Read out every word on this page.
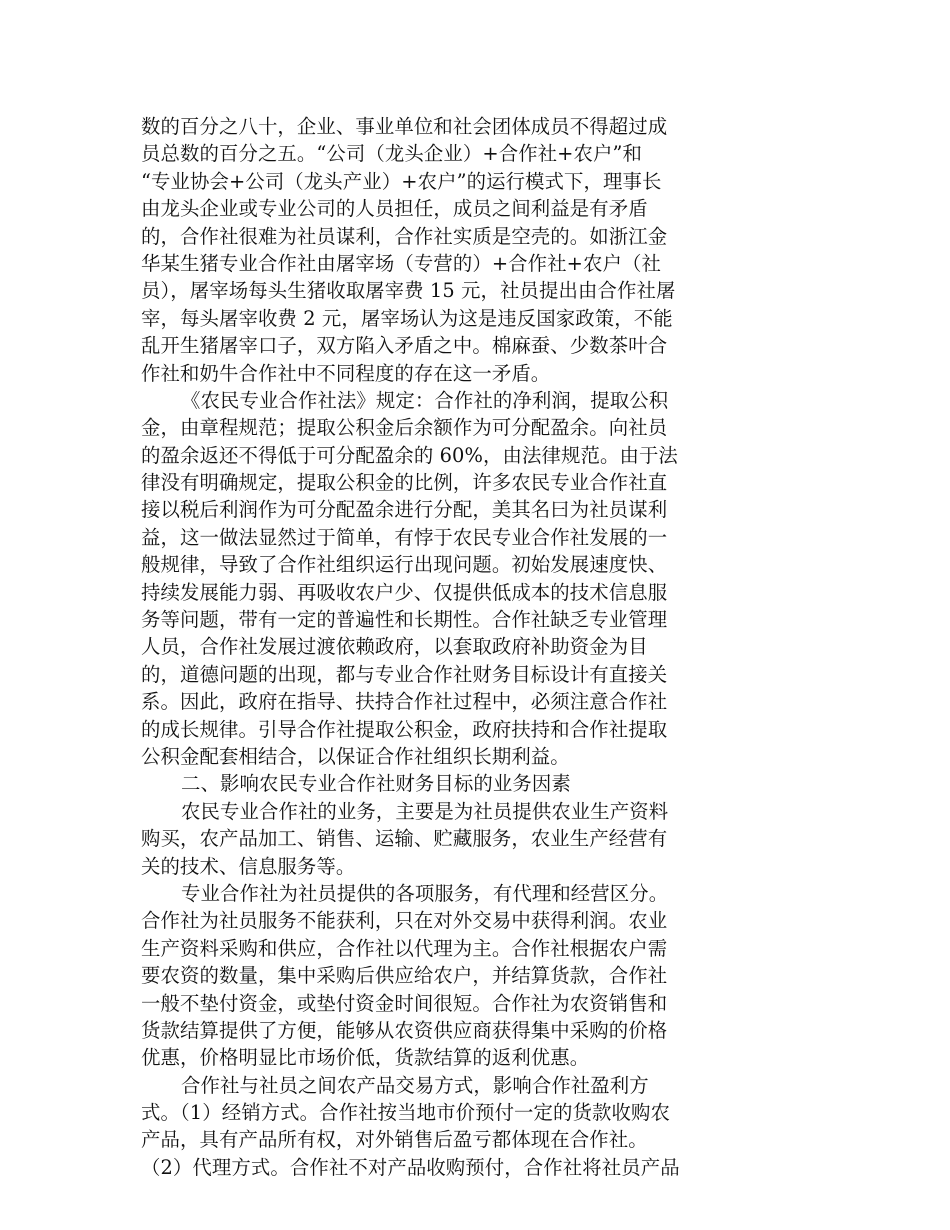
数的百分之八十，企业、事业单位和社会团体成员不得超过成
员总数的百分之五。“公司（龙头企业）+合作社+农户”和
“专业协会+公司（龙头产业）+农户”的运行模式下，理事长
由龙头企业或专业公司的人员担任，成员之间利益是有矛盾
的，合作社很难为社员谋利，合作社实质是空壳的。如浙江金
华某生猪专业合作社由屠宰场（专营的）+合作社+农户（社
员），屠宰场每头生猪收取屠宰费 15 元，社员提出由合作社屠
宰，每头屠宰收费 2 元，屠宰场认为这是违反国家政策，不能
乱开生猪屠宰口子，双方陷入矛盾之中。棉麻蚕、少数茶叶合
作社和奶牛合作社中不同程度的存在这一矛盾。
《农民专业合作社法》规定：合作社的净利润，提取公积
金，由章程规范；提取公积金后余额作为可分配盈余。向社员
的盈余返还不得低于可分配盈余的 60%，由法律规范。由于法
律没有明确规定，提取公积金的比例，许多农民专业合作社直
接以税后利润作为可分配盈余进行分配，美其名曰为社员谋利
益，这一做法显然过于简单，有悖于农民专业合作社发展的一
般规律，导致了合作社组织运行出现问题。初始发展速度快、
持续发展能力弱、再吸收农户少、仅提供低成本的技术信息服
务等问题，带有一定的普遍性和长期性。合作社缺乏专业管理
人员，合作社发展过渡依赖政府，以套取政府补助资金为目
的，道德问题的出现，都与专业合作社财务目标设计有直接关
系。因此，政府在指导、扶持合作社过程中，必须注意合作社
的成长规律。引导合作社提取公积金，政府扶持和合作社提取
公积金配套相结合，以保证合作社组织长期利益。
二、影响农民专业合作社财务目标的业务因素
农民专业合作社的业务，主要是为社员提供农业生产资料
购买，农产品加工、销售、运输、贮藏服务，农业生产经营有
关的技术、信息服务等。
专业合作社为社员提供的各项服务，有代理和经营区分。
合作社为社员服务不能获利，只在对外交易中获得利润。农业
生产资料采购和供应，合作社以代理为主。合作社根据农户需
要农资的数量，集中采购后供应给农户，并结算货款，合作社
一般不垫付资金，或垫付资金时间很短。合作社为农资销售和
货款结算提供了方便，能够从农资供应商获得集中采购的价格
优惠，价格明显比市场价低，货款结算的返利优惠。
合作社与社员之间农产品交易方式，影响合作社盈利方
式。（1）经销方式。合作社按当地市价预付一定的货款收购农
产品，具有产品所有权，对外销售后盈亏都体现在合作社。
（2）代理方式。合作社不对产品收购预付，合作社将社员产品
